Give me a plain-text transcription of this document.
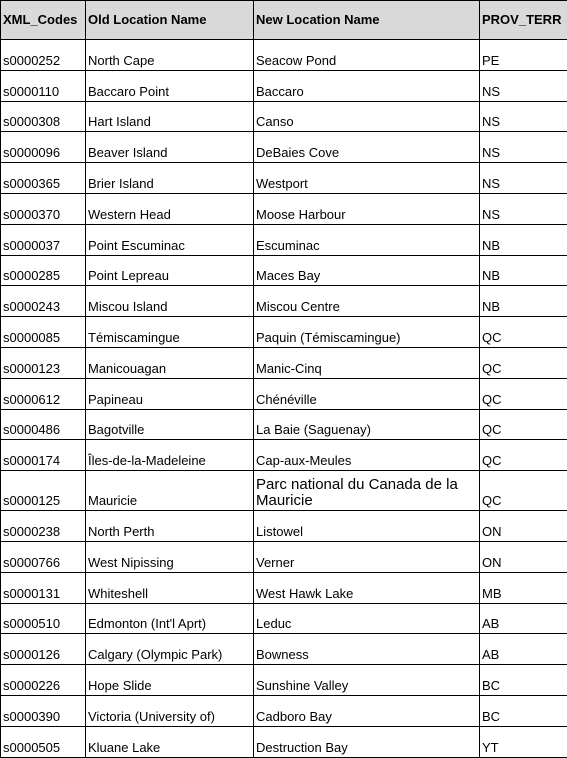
XML_Codes	Old Location Name	New Location Name	PROV_TERR
s0000252	North Cape	Seacow Pond	PE
s0000110	Baccaro Point	Baccaro	NS
s0000308	Hart Island	Canso	NS
s0000096	Beaver Island	DeBaies Cove	NS
s0000365	Brier Island	Westport	NS
s0000370	Western Head	Moose Harbour	NS
s0000037	Point Escuminac	Escuminac	NB
s0000285	Point Lepreau	Maces Bay	NB
s0000243	Miscou Island	Miscou Centre	NB
s0000085	Témiscamingue	Paquin (Témiscamingue)	QC
s0000123	Manicouagan	Manic-Cinq	QC
s0000612	Papineau	Chénéville	QC
s0000486	Bagotville	La Baie (Saguenay)	QC
s0000174	Îles-de-la-Madeleine	Cap-aux-Meules	QC
s0000125	Mauricie	Parc national du Canada de la Mauricie	QC
s0000238	North Perth	Listowel	ON
s0000766	West Nipissing	Verner	ON
s0000131	Whiteshell	West Hawk Lake	MB
s0000510	Edmonton (Int'l Aprt)	Leduc	AB
s0000126	Calgary (Olympic Park)	Bowness	AB
s0000226	Hope Slide	Sunshine Valley	BC
s0000390	Victoria (University of)	Cadboro Bay	BC
s0000505	Kluane Lake	Destruction Bay	YT
